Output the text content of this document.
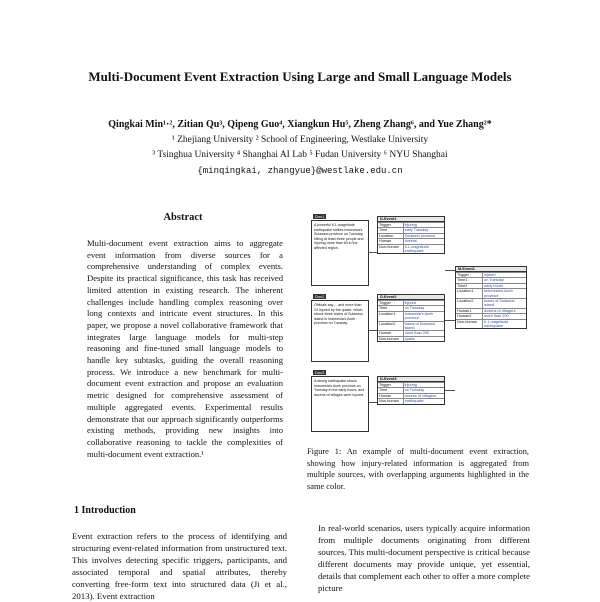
Multi-Document Event Extraction Using Large and Small Language Models
Qingkai Min¹·², Zitian Qu³, Qipeng Guo⁴, Xiangkun Hu⁵, Zheng Zhang⁶, and Yue Zhang²*
¹ Zhejiang University ² School of Engineering, Westlake University
³ Tsinghua University ⁴ Shanghai AI Lab ⁵ Fudan University ⁶ NYU Shanghai
{minqingkai, zhangyue}@westlake.edu.cn
Abstract
Multi-document event extraction aims to aggregate event information from diverse sources for a comprehensive understanding of complex events. Despite its practical significance, this task has received limited attention in existing research. The inherent challenges include handling complex reasoning over long contexts and intricate event structures. In this paper, we propose a novel collaborative framework that integrates large language models for multi-step reasoning and fine-tuned small language models to handle key subtasks, guiding the overall reasoning process. We introduce a new benchmark for multi-document event extraction and propose an evaluation metric designed for comprehensive assessment of multiple aggregated events. Experimental results demonstrate that our approach significantly outperforms existing methods, providing new insights into collaborative reasoning to tackle the complexities of multi-document event extraction.¹
1 Introduction
Event extraction refers to the process of identifying and structuring event-related information from unstructured text. This involves detecting specific triggers, participants, and associated temporal and spatial attributes, thereby converting free-form text into structured data (Ji et al., 2013). Event extraction
Doc1
A powerful 6.1-magnitude earthquake strikes Indonesia's Sulawesi province on Tuesday, killing at least three people and injuring more than 60 in the affected region.
Doc2
Officials say ... and more than 24 injured by the quake, which struck three towns of Sulawesi island in Indonesia's Aceh province on Tuesday.
Doc3
A strong earthquake struck Indonesia's Aceh province on Tuesday in the early hours, and dozens of villages were injured.
D-Event1
Trigger	injuring
Time	early Tuesday
Location	Sulawesi province
Human	dozens
Non-human	6.1-magnitude earthquake
D-Event2
Trigger	injured
Time	on Tuesday
Location1	Indonesia's Aceh province
Location2	towns of Sulawesi island
Human	more than 200
Non-human	quake
D-Event3
Trigger	injuring
Time	on Tuesday
Human	dozens of villagers
Non-human	earthquake
M-Event1
Trigger	injured
Time1	on Tuesday
Time2	early hours
Location1	Indonesia's Aceh province
Location2	towns of Sulawesi island
Human1	dozens of villagers
Human2	more than 200
Non-human	6.1-magnitude earthquake
Figure 1: An example of multi-document event extraction, showing how injury-related information is aggregated from multiple sources, with overlapping arguments highlighted in the same color.
In real-world scenarios, users typically acquire information from multiple documents originating from different sources. This multi-document perspective is critical because different documents may provide unique, yet essential, details that complement each other to offer a more complete picture
